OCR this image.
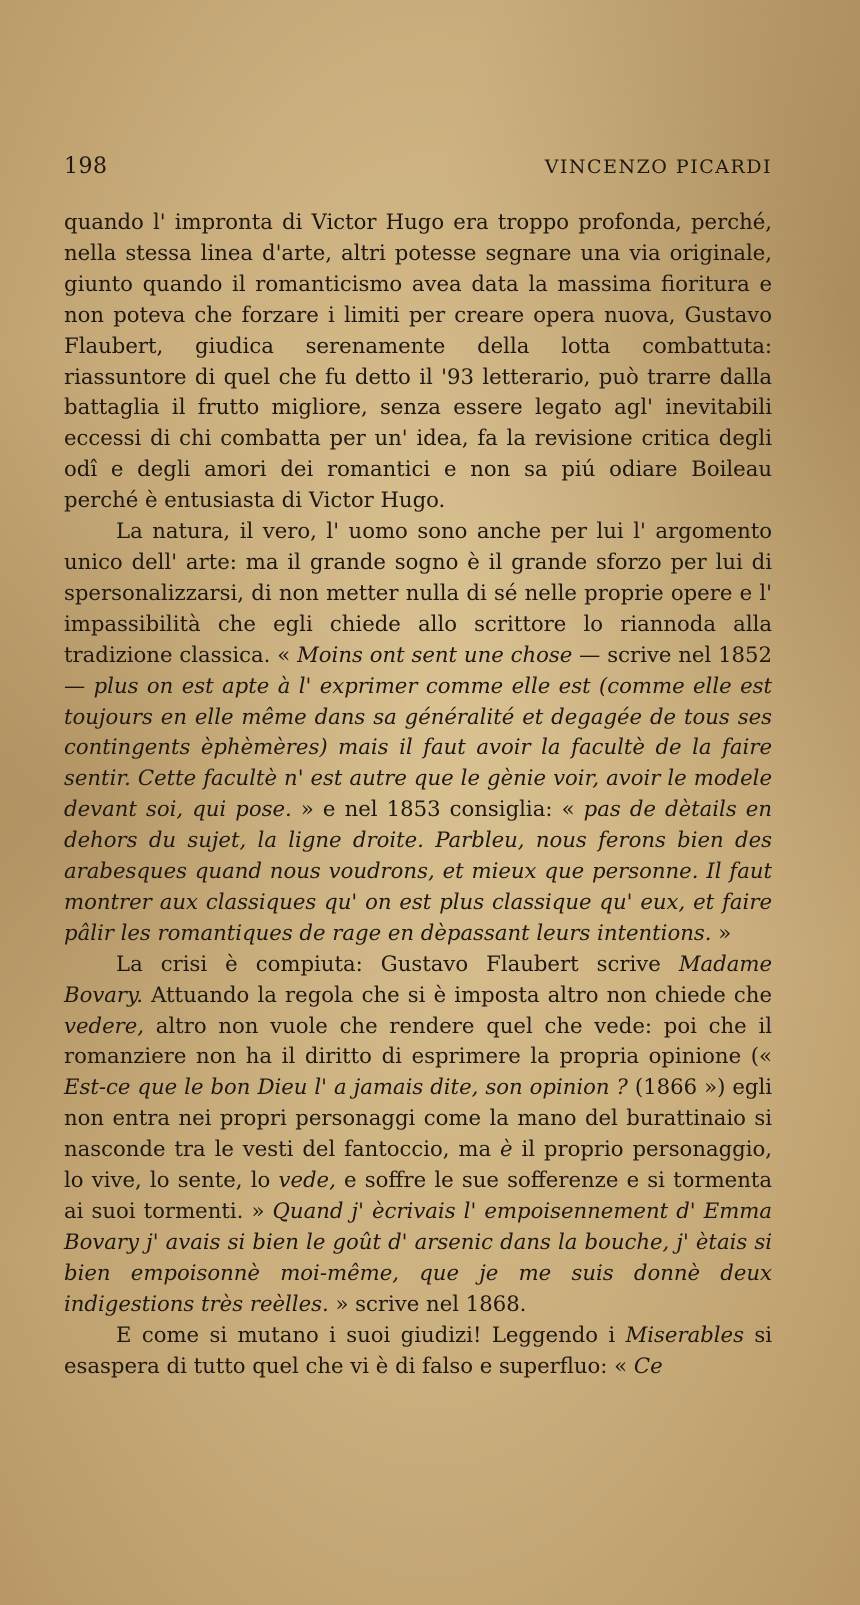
198	VINCENZO PICARDI

quando l' impronta di Victor Hugo era troppo profonda, perché, nella stessa linea d'arte, altri potesse segnare una via originale, giunto quando il romanticismo avea data la massima fioritura e non poteva che forzare i limiti per creare opera nuova, Gustavo Flaubert, giudica serenamente della lotta combattuta: riassuntore di quel che fu detto il '93 letterario, può trarre dalla battaglia il frutto migliore, senza essere legato agl' inevitabili eccessi di chi combatta per un' idea, fa la revisione critica degli odî e degli amori dei romantici e non sa piú odiare Boileau perché è entusiasta di Victor Hugo.

La natura, il vero, l' uomo sono anche per lui l' argomento unico dell' arte: ma il grande sogno è il grande sforzo per lui di spersonalizzarsi, di non metter nulla di sé nelle proprie opere e l' impassibilità che egli chiede allo scrittore lo riannoda alla tradizione classica. « Moins ont sent une chose — scrive nel 1852 — plus on est apte à l' exprimer comme elle est (comme elle est toujours en elle même dans sa généralité et degagée de tous ses contingents èphèmères) mais il faut avoir la facultè de la faire sentir. Cette facultè n' est autre que le gènie voir, avoir le modele devant soi, qui pose. » e nel 1853 consiglia: « pas de dètails en dehors du sujet, la ligne droite. Parbleu, nous ferons bien des arabesques quand nous voudrons, et mieux que personne. Il faut montrer aux classiques qu' on est plus classique qu' eux, et faire pâlir les romantiques de rage en dèpassant leurs intentions. »

La crisi è compiuta: Gustavo Flaubert scrive Madame Bovary. Attuando la regola che si è imposta altro non chiede che vedere, altro non vuole che rendere quel che vede: poi che il romanziere non ha il diritto di esprimere la propria opinione (« Est-ce que le bon Dieu l' a jamais dite, son opinion ? (1866 ») egli non entra nei propri personaggi come la mano del burattinaio si nasconde tra le vesti del fantoccio, ma è il proprio personaggio, lo vive, lo sente, lo vede, e soffre le sue sofferenze e si tormenta ai suoi tormenti. » Quand j' ècrivais l' empoisennement d' Emma Bovary j' avais si bien le goût d' arsenic dans la bouche, j' ètais si bien empoisonnè moi-même, que je me suis donnè deux indigestions très reèlles. » scrive nel 1868.

E come si mutano i suoi giudizi! Leggendo i Miserables si esaspera di tutto quel che vi è di falso e superfluo: « Ce
